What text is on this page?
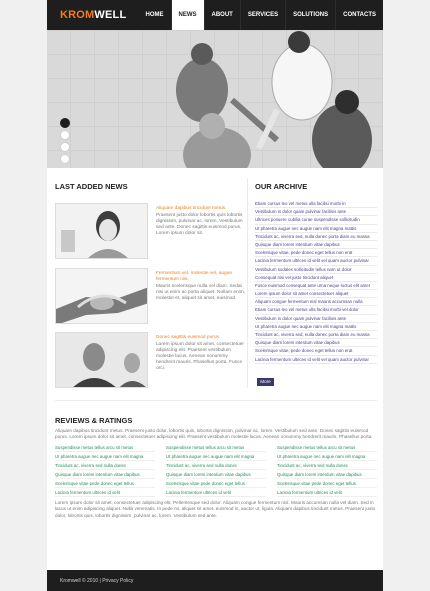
KROMWELL	HOME	NEWS	ABOUT	SERVICES	SOLUTIONS	CONTACTS
LAST ADDED NEWS
Aliquam dapibus tincidunt metus.
Praesent justo dolor lobortis quis lobortis dignissim, pulvinar ac, lorem. Vestibulum sed ante. Donec sagittis euismod purus. Lorem ipsum dolor sit.
Fermentum vel, molestie vel, augue fermentum nisi.
Mauris scelerisque nulla vel diam. Sedat nisi ut enim ac porta aliquet. Nullam enim, molestie et, aliquet sit amet, euismod.
Donec sagittis euismod purus.
Lorem ipsum dolor sit amet, consectetuer adipiscing elit. Praesent vestibulum molestie lacus. Aenean nonummy hendrerit mauris. Phasellus porta. Fusce orci.
OUR ARCHIVE
Etiam cursus leo vel metus ulla facilisi morbi in
Vestibulum in dolor quam pulvinar facilisis ante
Ultrices posuere cubilia curae suspendisse sollicitudin
Ut pharetra augue nec augue nam elit magna mattis
Tincidunt ac, viverra sed, nulla donec porta diam eu massa
Quisque diam lorem interdum vitae dapibus
Scelerisque vitae, pede donec eget tellus non erat
Lacinia fermentum ultrices id velit vel quam auctor pulvinar
Vestibulum sodales sollicitudin tellus nam ut dolor
Consequat nisi vel justo tincidunt aliquet
Fusce euismod consequat ante urna neque luctus elit amet
Lorem ipsum dolor sit amet consectetuer aliquet
Aliquam congue fermentum nisl mauris accumsan nulla
Etiam cursus leo vel metus ulla facilisi morbi vel dolor
Vestibulum in dolor quam pulvinar facilisis ante
Ut pharetra augue nec augue nam elit magna mattis
Tincidunt ac, viverra sed, nulla donec porta diam eu massa
Quisque diam lorem interdum vitae dapibus
Scelerisque vitae, pede donec eget tellus non erat
Lacinia fermentum ultrices id velit vel quam auctor pulvinar
More
REVIEWS & RATINGS
Aliquam dapibus tincidunt metus. Praesent justo dolor, lobortis quis, lobortis dignissim, pulvinar ac, lorem. Vestibulum sed ante. Donec sagittis euismod purus. Lorem ipsum dolor sit amet, consectetuer adipiscing elit. Praesent vestibulum molestie lacus. Aenean nonummy hendrerit mauris. Phasellus porta.
Suspendisse metus tellus arcu sit metus
Ut pharetra augue nec augue nam elit magna
Tincidunt ac, viverra sed nulla donec
Quisque diam lorem interdum vitae dapibus
Scelerisque vitae pede donec eget tellus
Lacinia fermentum ultrices id velit
Suspendisse metus tellus arcu sit metus
Ut pharetra augue nec augue nam elit magna
Tincidunt ac, viverra sed nulla donec
Quisque diam lorem interdum vitae dapibus
Scelerisque vitae pede donec eget tellus
Lacinia fermentum ultrices id velit
Suspendisse metus tellus arcu sit metus
Ut pharetra augue nec augue nam elit magna
Tincidunt ac, viverra sed nulla donec
Quisque diam lorem interdum vitae dapibus
Scelerisque vitae pede donec eget tellus
Lacinia fermentum ultrices id velit
Lorem ipsum dolor sit amet, consectetuer adipiscing elit. Pellentesque sed dolor. Aliquam congue fermentum nisl. Mauris accumsan nulla vel diam. Sed in lacus ut enim adipiscing aliquet. Nulla venenatis. In pede mi, aliquet sit amet, euismod in, auctor ut, ligula. Aliquam dapibus tincidunt metus. Praesent justo dolor, lobortis quis, lobortis dignissim, pulvinar ac, lorem. Vestibulum sed ante.
Kromwell © 2010 | Privacy Policy
